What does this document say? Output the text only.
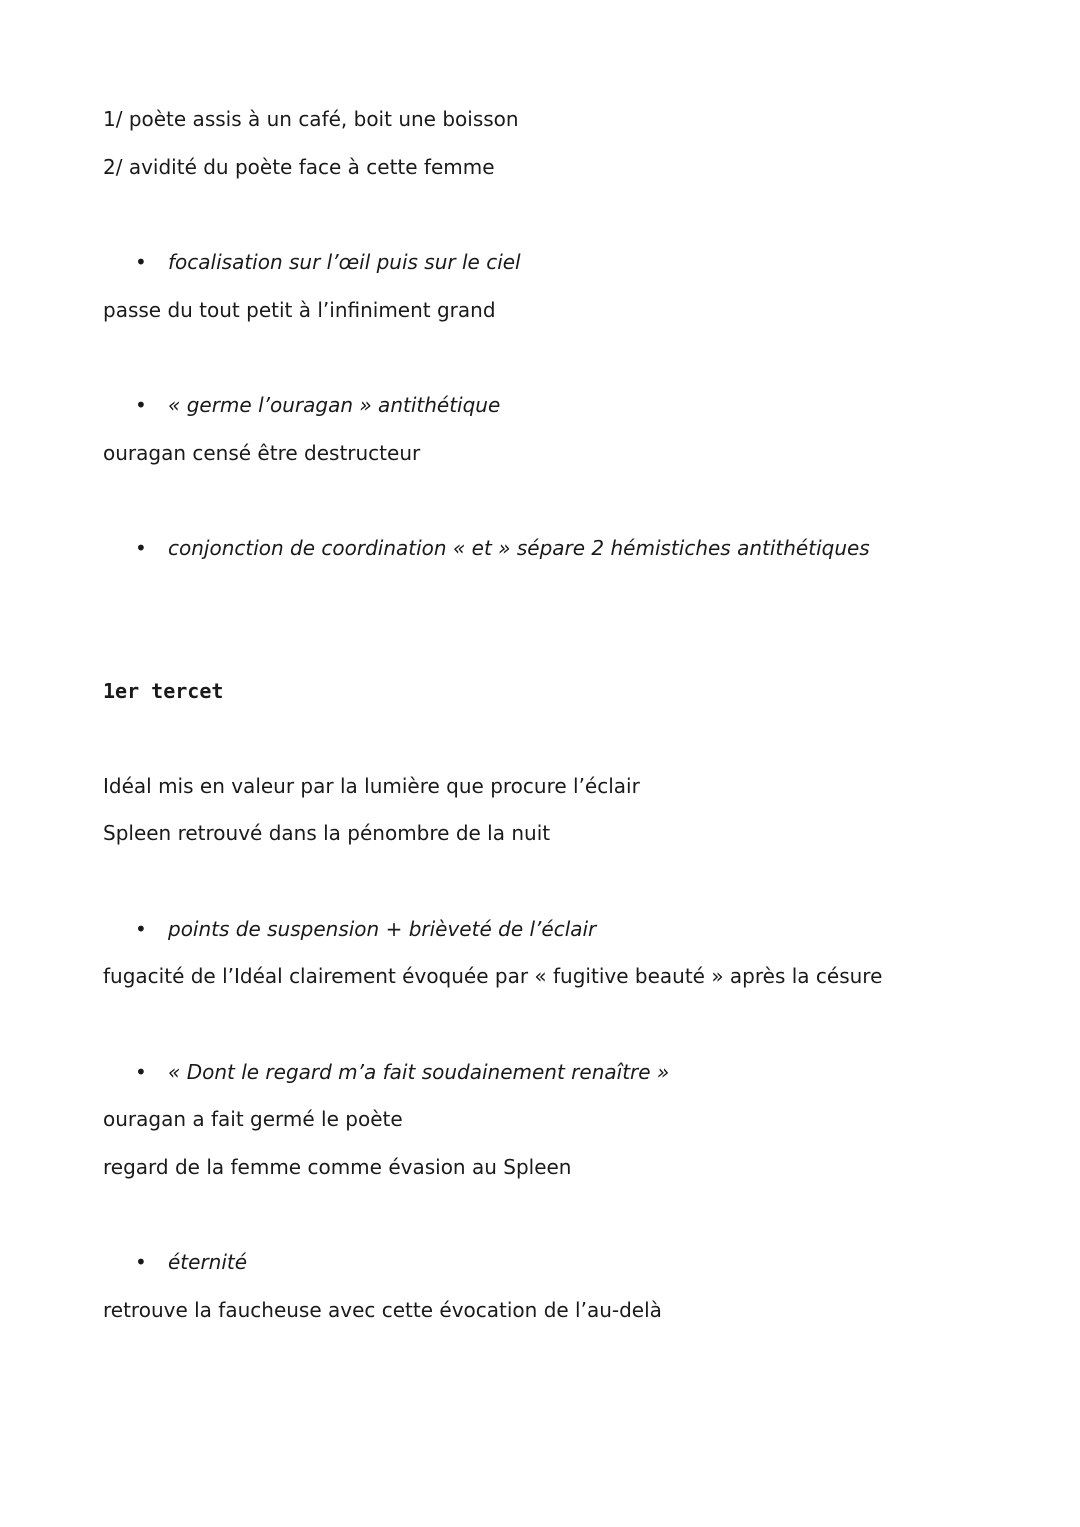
1/ poète assis à un café, boit une boisson
2/ avidité du poète face à cette femme
• focalisation sur l’œil puis sur le ciel
passe du tout petit à l’infiniment grand
• « germe l’ouragan » antithétique
ouragan censé être destructeur
• conjonction de coordination « et » sépare 2 hémistiches antithétiques
1er tercet
Idéal mis en valeur par la lumière que procure l’éclair
Spleen retrouvé dans la pénombre de la nuit
• points de suspension + brièveté de l’éclair
fugacité de l’Idéal clairement évoquée par « fugitive beauté » après la césure
• « Dont le regard m’a fait soudainement renaître »
ouragan a fait germé le poète
regard de la femme comme évasion au Spleen
• éternité
retrouve la faucheuse avec cette évocation de l’au-delà
